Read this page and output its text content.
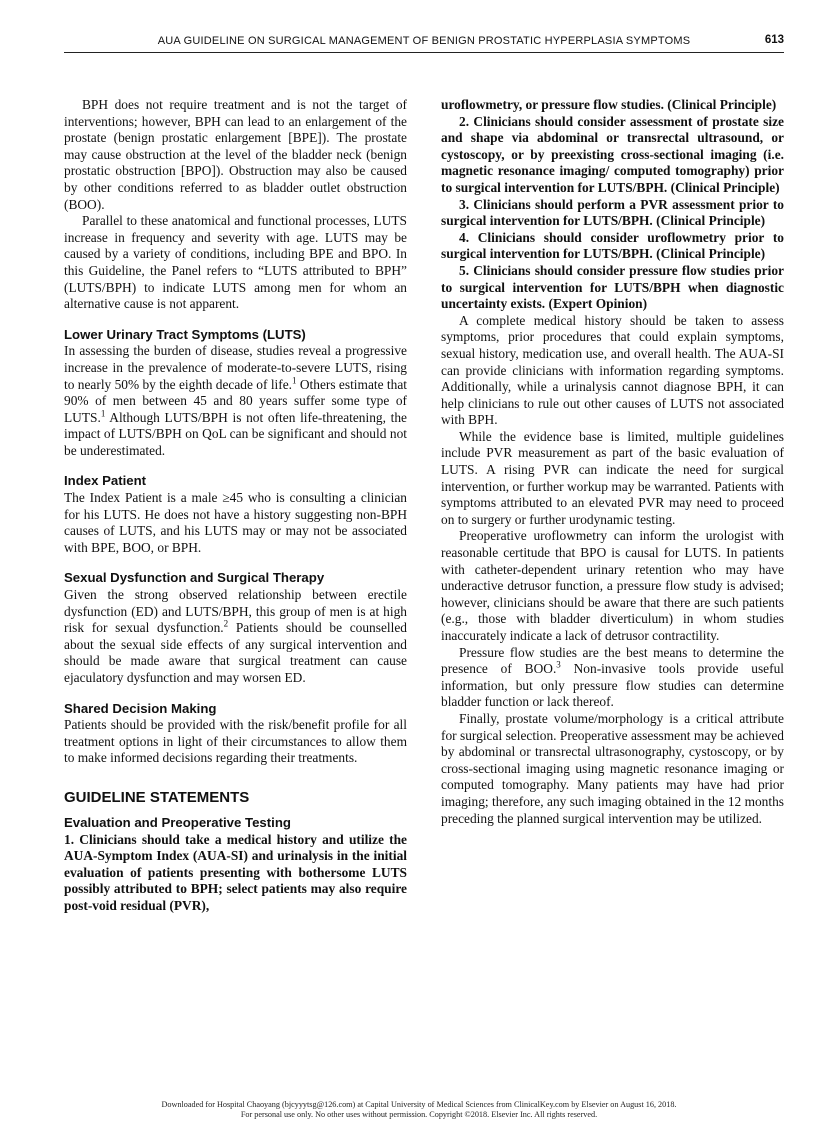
AUA GUIDELINE ON SURGICAL MANAGEMENT OF BENIGN PROSTATIC HYPERPLASIA SYMPTOMS	613

BPH does not require treatment and is not the target of interventions; however, BPH can lead to an enlargement of the prostate (benign prostatic enlargement [BPE]). The prostate may cause obstruction at the level of the bladder neck (benign prostatic obstruction [BPO]). Obstruction may also be caused by other conditions referred to as bladder outlet obstruction (BOO).

Parallel to these anatomical and functional processes, LUTS increase in frequency and severity with age. LUTS may be caused by a variety of conditions, including BPE and BPO. In this Guideline, the Panel refers to “LUTS attributed to BPH” (LUTS/BPH) to indicate LUTS among men for whom an alternative cause is not apparent.

Lower Urinary Tract Symptoms (LUTS)

In assessing the burden of disease, studies reveal a progressive increase in the prevalence of moderate-to-severe LUTS, rising to nearly 50% by the eighth decade of life.$^1$ Others estimate that 90% of men between 45 and 80 years suffer some type of LUTS.$^1$ Although LUTS/BPH is not often life-threatening, the impact of LUTS/BPH on QoL can be significant and should not be underestimated.

Index Patient

The Index Patient is a male ≥45 who is consulting a clinician for his LUTS. He does not have a history suggesting non-BPH causes of LUTS, and his LUTS may or may not be associated with BPE, BOO, or BPH.

Sexual Dysfunction and Surgical Therapy

Given the strong observed relationship between erectile dysfunction (ED) and LUTS/BPH, this group of men is at high risk for sexual dysfunction.$^2$ Patients should be counselled about the sexual side effects of any surgical intervention and should be made aware that surgical treatment can cause ejaculatory dysfunction and may worsen ED.

Shared Decision Making

Patients should be provided with the risk/benefit profile for all treatment options in light of their circumstances to allow them to make informed decisions regarding their treatments.

GUIDELINE STATEMENTS
Evaluation and Preoperative Testing

1. Clinicians should take a medical history and utilize the AUA-Symptom Index (AUA-SI) and urinalysis in the initial evaluation of patients presenting with bothersome LUTS possibly attributed to BPH; select patients may also require post-void residual (PVR),

uroflowmetry, or pressure flow studies. (Clinical Principle)

2. Clinicians should consider assessment of prostate size and shape via abdominal or transrectal ultrasound, or cystoscopy, or by preexisting cross-sectional imaging (i.e. magnetic resonance imaging/ computed tomography) prior to surgical intervention for LUTS/BPH. (Clinical Principle)

3. Clinicians should perform a PVR assessment prior to surgical intervention for LUTS/BPH. (Clinical Principle)

4. Clinicians should consider uroflowmetry prior to surgical intervention for LUTS/BPH. (Clinical Principle)

5. Clinicians should consider pressure flow studies prior to surgical intervention for LUTS/BPH when diagnostic uncertainty exists. (Expert Opinion)

A complete medical history should be taken to assess symptoms, prior procedures that could explain symptoms, sexual history, medication use, and overall health. The AUA-SI can provide clinicians with information regarding symptoms. Additionally, while a urinalysis cannot diagnose BPH, it can help clinicians to rule out other causes of LUTS not associated with BPH.

While the evidence base is limited, multiple guidelines include PVR measurement as part of the basic evaluation of LUTS. A rising PVR can indicate the need for surgical intervention, or further workup may be warranted. Patients with symptoms attributed to an elevated PVR may need to proceed on to surgery or further urodynamic testing.

Preoperative uroflowmetry can inform the urologist with reasonable certitude that BPO is causal for LUTS. In patients with catheter-dependent urinary retention who may have underactive detrusor function, a pressure flow study is advised; however, clinicians should be aware that there are such patients (e.g., those with bladder diverticulum) in whom studies inaccurately indicate a lack of detrusor contractility.

Pressure flow studies are the best means to determine the presence of BOO.$^3$ Non-invasive tools provide useful information, but only pressure flow studies can determine bladder function or lack thereof.

Finally, prostate volume/morphology is a critical attribute for surgical selection. Preoperative assessment may be achieved by abdominal or transrectal ultrasonography, cystoscopy, or by cross-sectional imaging using magnetic resonance imaging or computed tomography. Many patients may have had prior imaging; therefore, any such imaging obtained in the 12 months preceding the planned surgical intervention may be utilized.

Downloaded for Hospital Chaoyang (bjcyyytsg@126.com) at Capital University of Medical Sciences from ClinicalKey.com by Elsevier on August 16, 2018.
For personal use only. No other uses without permission. Copyright ©2018. Elsevier Inc. All rights reserved.
